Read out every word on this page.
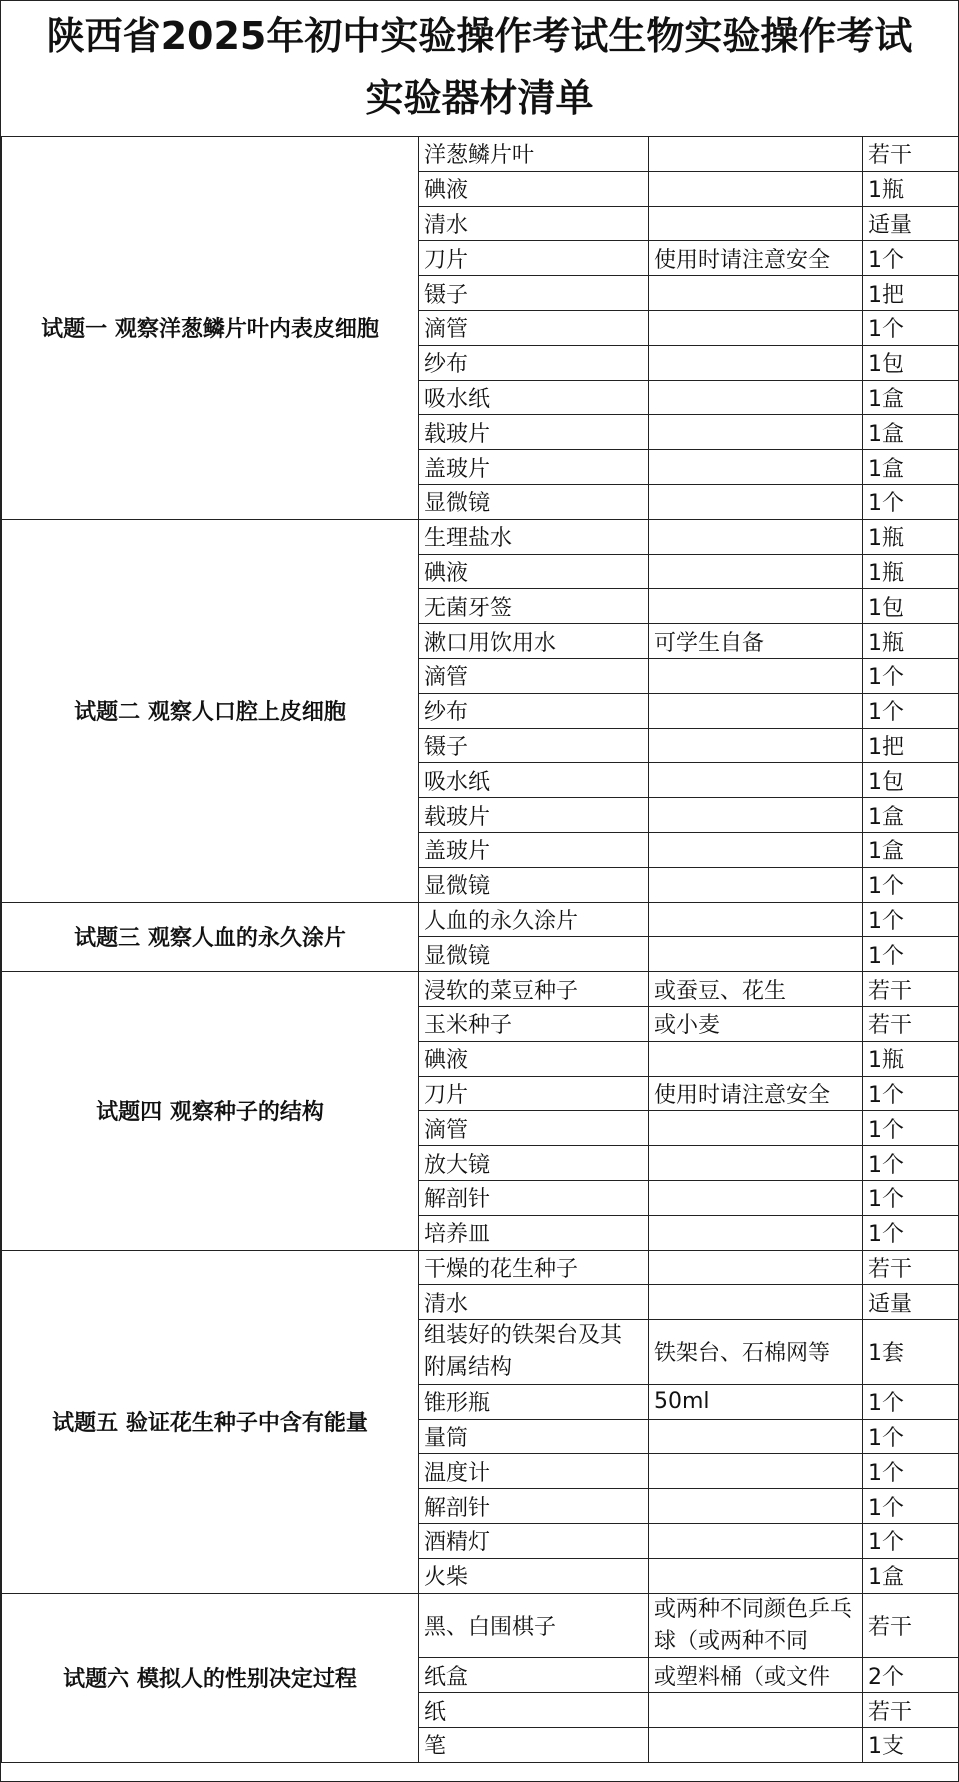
陕西省2025年初中实验操作考试生物实验操作考试
实验器材清单
试题一 观察洋葱鳞片叶内表皮细胞	洋葱鳞片叶		若干
	碘液		1瓶
	清水		适量
	刀片	使用时请注意安全	1个
	镊子		1把
	滴管		1个
	纱布		1包
	吸水纸		1盒
	载玻片		1盒
	盖玻片		1盒
	显微镜		1个
试题二 观察人口腔上皮细胞	生理盐水		1瓶
	碘液		1瓶
	无菌牙签		1包
	漱口用饮用水	可学生自备	1瓶
	滴管		1个
	纱布		1个
	镊子		1把
	吸水纸		1包
	载玻片		1盒
	盖玻片		1盒
	显微镜		1个
试题三 观察人血的永久涂片	人血的永久涂片		1个
	显微镜		1个
试题四 观察种子的结构	浸软的菜豆种子	或蚕豆、花生	若干
	玉米种子	或小麦	若干
	碘液		1瓶
	刀片	使用时请注意安全	1个
	滴管		1个
	放大镜		1个
	解剖针		1个
	培养皿		1个
试题五 验证花生种子中含有能量	干燥的花生种子		若干
	清水		适量
	组装好的铁架台及其附属结构	铁架台、石棉网等	1套
	锥形瓶	50ml	1个
	量筒		1个
	温度计		1个
	解剖针		1个
	酒精灯		1个
	火柴		1盒
试题六 模拟人的性别决定过程	黑、白围棋子	或两种不同颜色乒乓球（或两种不同	若干
	纸盒	或塑料桶（或文件	2个
	纸		若干
	笔		1支
